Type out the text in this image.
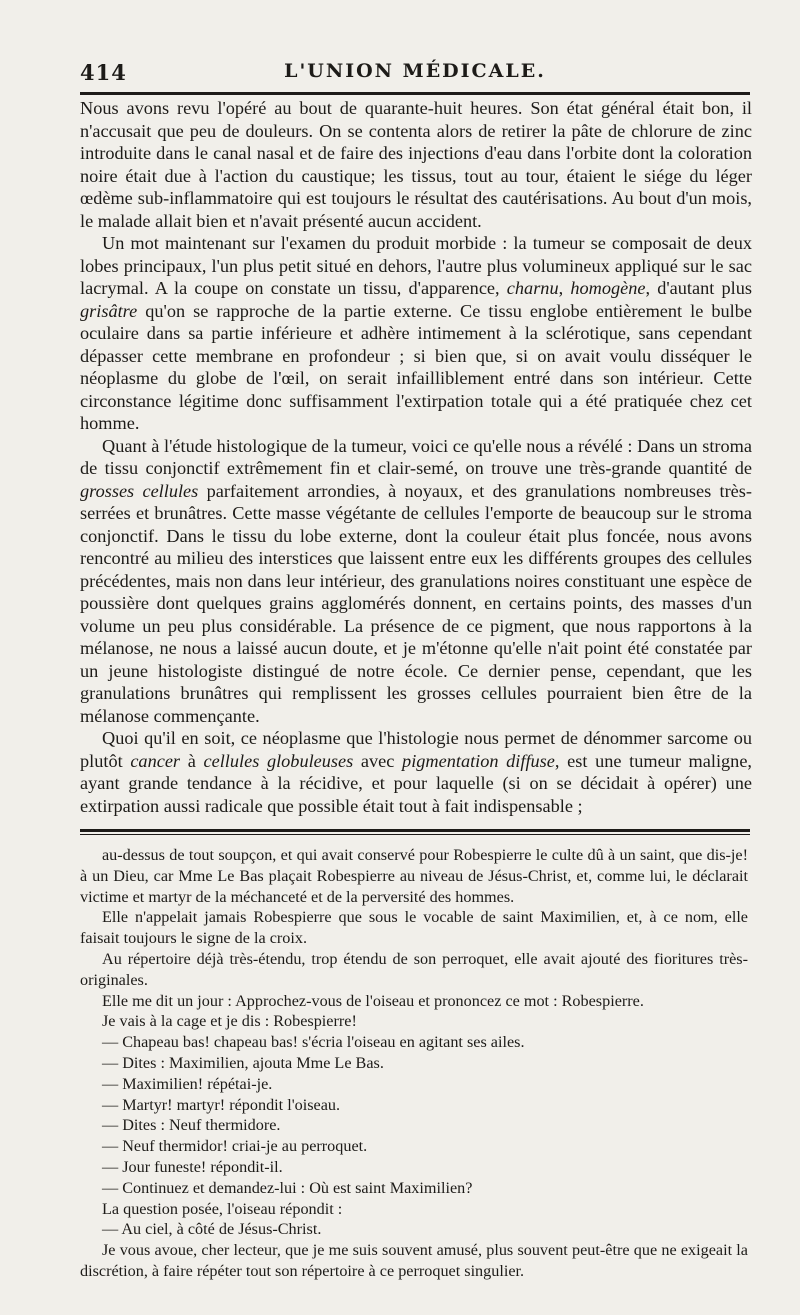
414	L'UNION MÉDICALE.

Nous avons revu l'opéré au bout de quarante-huit heures. Son état général était bon, il n'accusait que peu de douleurs. On se contenta alors de retirer la pâte de chlorure de zinc introduite dans le canal nasal et de faire des injections d'eau dans l'orbite dont la coloration noire était due à l'action du caustique; les tissus, tout au tour, étaient le siége du léger œdème sub-inflammatoire qui est toujours le résultat des cautérisations. Au bout d'un mois, le malade allait bien et n'avait présenté aucun accident.

Un mot maintenant sur l'examen du produit morbide : la tumeur se composait de deux lobes principaux, l'un plus petit situé en dehors, l'autre plus volumineux appliqué sur le sac lacrymal. A la coupe on constate un tissu, d'apparence, charnu, homogène, d'autant plus grisâtre qu'on se rapproche de la partie externe. Ce tissu englobe entièrement le bulbe oculaire dans sa partie inférieure et adhère intimement à la sclérotique, sans cependant dépasser cette membrane en profondeur ; si bien que, si on avait voulu disséquer le néoplasme du globe de l'œil, on serait infailliblement entré dans son intérieur. Cette circonstance légitime donc suffisamment l'extirpation totale qui a été pratiquée chez cet homme.

Quant à l'étude histologique de la tumeur, voici ce qu'elle nous a révélé : Dans un stroma de tissu conjonctif extrêmement fin et clair-semé, on trouve une très-grande quantité de grosses cellules parfaitement arrondies, à noyaux, et des granulations nombreuses très-serrées et brunâtres. Cette masse végétante de cellules l'emporte de beaucoup sur le stroma conjonctif. Dans le tissu du lobe externe, dont la couleur était plus foncée, nous avons rencontré au milieu des interstices que laissent entre eux les différents groupes des cellules précédentes, mais non dans leur intérieur, des granulations noires constituant une espèce de poussière dont quelques grains agglomérés donnent, en certains points, des masses d'un volume un peu plus considérable. La présence de ce pigment, que nous rapportons à la mélanose, ne nous a laissé aucun doute, et je m'étonne qu'elle n'ait point été constatée par un jeune histologiste distingué de notre école. Ce dernier pense, cependant, que les granulations brunâtres qui remplissent les grosses cellules pourraient bien être de la mélanose commençante.

Quoi qu'il en soit, ce néoplasme que l'histologie nous permet de dénommer sarcome ou plutôt cancer à cellules globuleuses avec pigmentation diffuse, est une tumeur maligne, ayant grande tendance à la récidive, et pour laquelle (si on se décidait à opérer) une extirpation aussi radicale que possible était tout à fait indispensable ;

au-dessus de tout soupçon, et qui avait conservé pour Robespierre le culte dû à un saint, que dis-je! à un Dieu, car Mme Le Bas plaçait Robespierre au niveau de Jésus-Christ, et, comme lui, le déclarait victime et martyr de la méchanceté et de la perversité des hommes.

Elle n'appelait jamais Robespierre que sous le vocable de saint Maximilien, et, à ce nom, elle faisait toujours le signe de la croix.

Au répertoire déjà très-étendu, trop étendu de son perroquet, elle avait ajouté des fioritures très-originales.

Elle me dit un jour : Approchez-vous de l'oiseau et prononcez ce mot : Robespierre.

Je vais à la cage et je dis : Robespierre!

— Chapeau bas! chapeau bas! s'écria l'oiseau en agitant ses ailes.

— Dites : Maximilien, ajouta Mme Le Bas.

— Maximilien! répétai-je.

— Martyr! martyr! répondit l'oiseau.

— Dites : Neuf thermidore.

— Neuf thermidor! criai-je au perroquet.

— Jour funeste! répondit-il.

— Continuez et demandez-lui : Où est saint Maximilien?

La question posée, l'oiseau répondit :

— Au ciel, à côté de Jésus-Christ.

Je vous avoue, cher lecteur, que je me suis souvent amusé, plus souvent peut-être que ne exigeait la discrétion, à faire répéter tout son répertoire à ce perroquet singulier.
